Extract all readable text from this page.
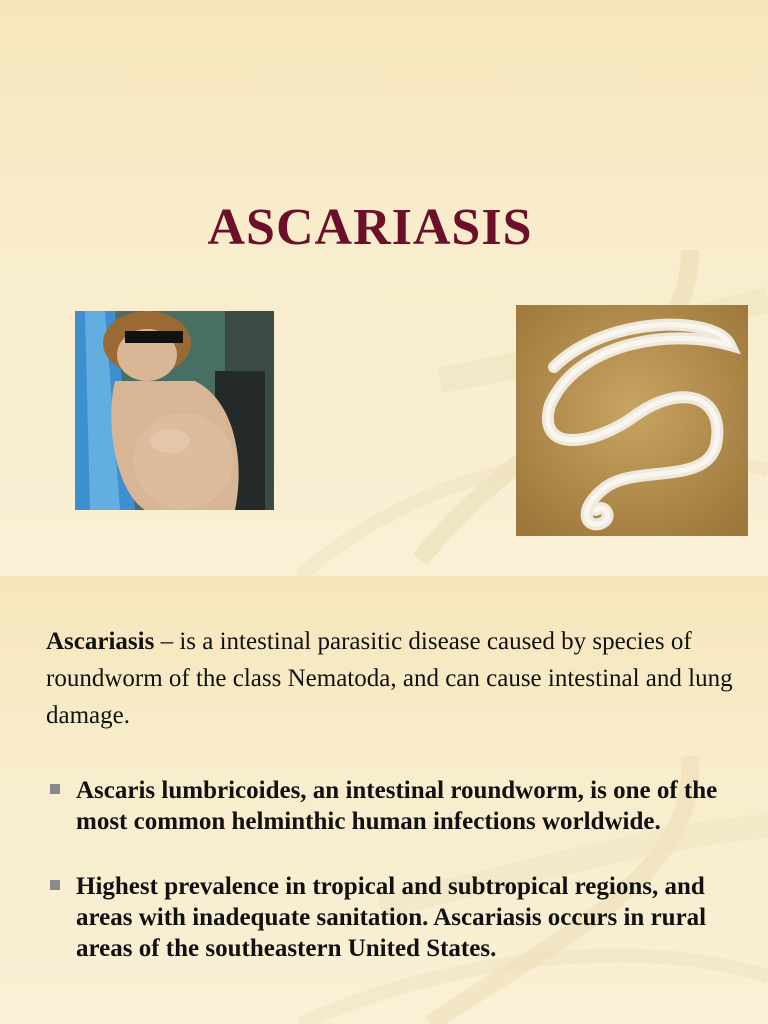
ASCARIASIS

Ascariasis – is a intestinal parasitic disease caused by species of roundworm of the class Nematoda, and can cause intestinal and lung damage.

Ascaris lumbricoides, an intestinal roundworm, is one of the most common helminthic human infections worldwide.
Highest prevalence in tropical and subtropical regions, and areas with inadequate sanitation. Ascariasis occurs in rural areas of the southeastern United States.
